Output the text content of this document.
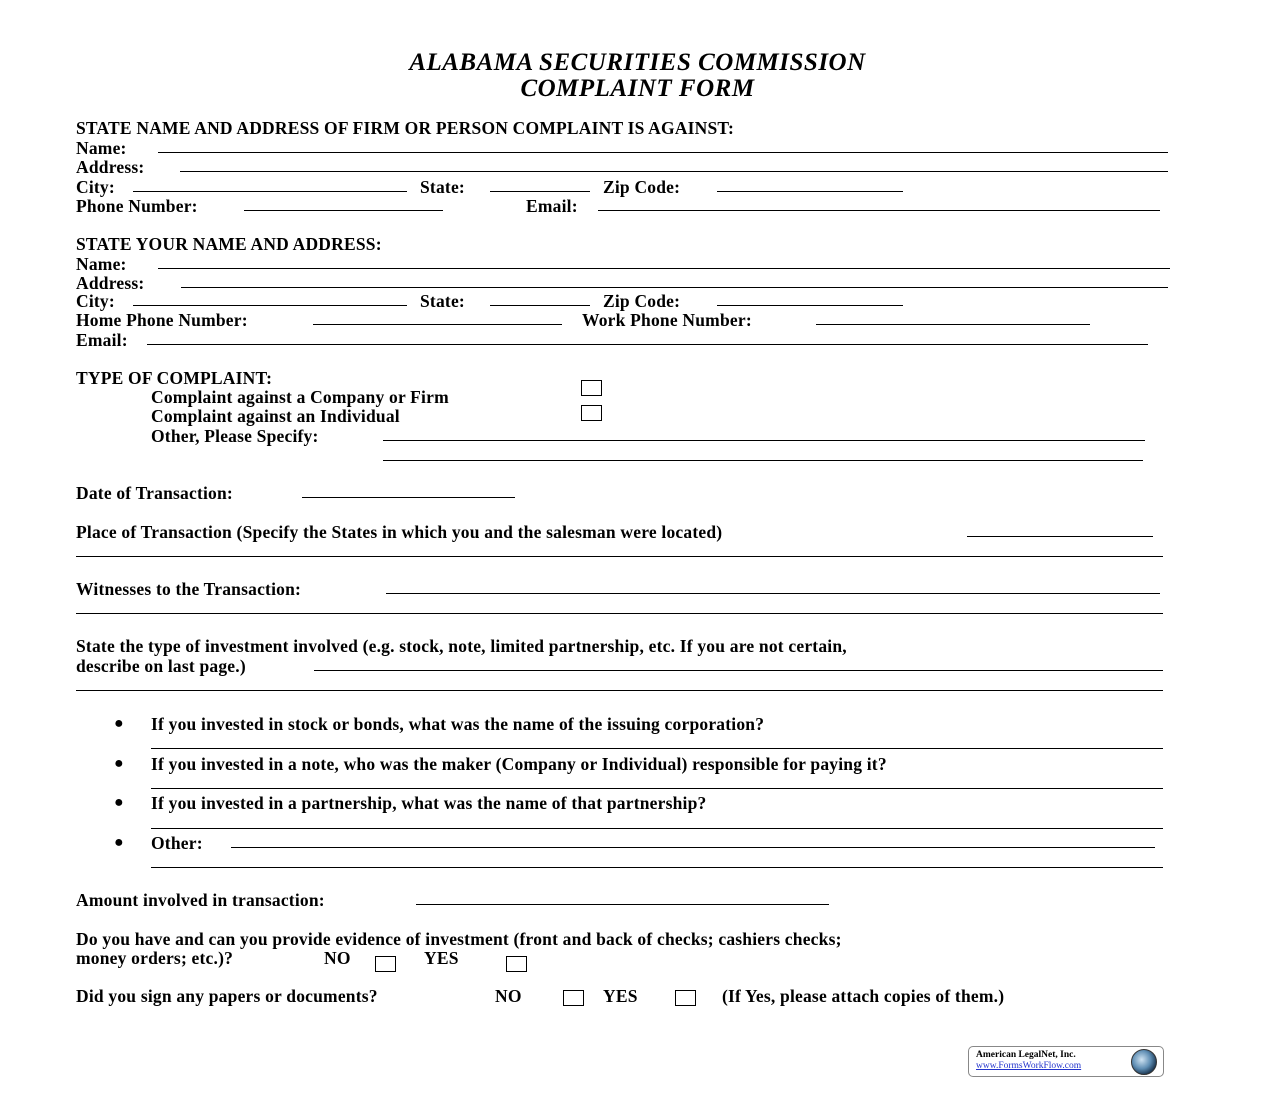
ALABAMA SECURITIES COMMISSION
COMPLAINT FORM
STATE NAME AND ADDRESS OF FIRM OR PERSON COMPLAINT IS AGAINST:
Name:
Address:
City:	State:	Zip Code:
Phone Number:	Email:
STATE YOUR NAME AND ADDRESS:
Name:
Address:
City:	State:	Zip Code:
Home Phone Number:	Work Phone Number:
Email:
TYPE OF COMPLAINT:
Complaint against a Company or Firm
Complaint against an Individual
Other, Please Specify:
Date of Transaction:
Place of Transaction (Specify the States in which you and the salesman were located)
Witnesses to the Transaction:
State the type of investment involved (e.g. stock, note, limited partnership, etc. If you are not certain,
describe on last page.)
● If you invested in stock or bonds, what was the name of the issuing corporation?
● If you invested in a note, who was the maker (Company or Individual) responsible for paying it?
● If you invested in a partnership, what was the name of that partnership?
● Other:
Amount involved in transaction:
Do you have and can you provide evidence of investment (front and back of checks; cashiers checks;
money orders; etc.)?	NO	YES
Did you sign any papers or documents?	NO	YES	(If Yes, please attach copies of them.)
American LegalNet, Inc.
www.FormsWorkFlow.com
